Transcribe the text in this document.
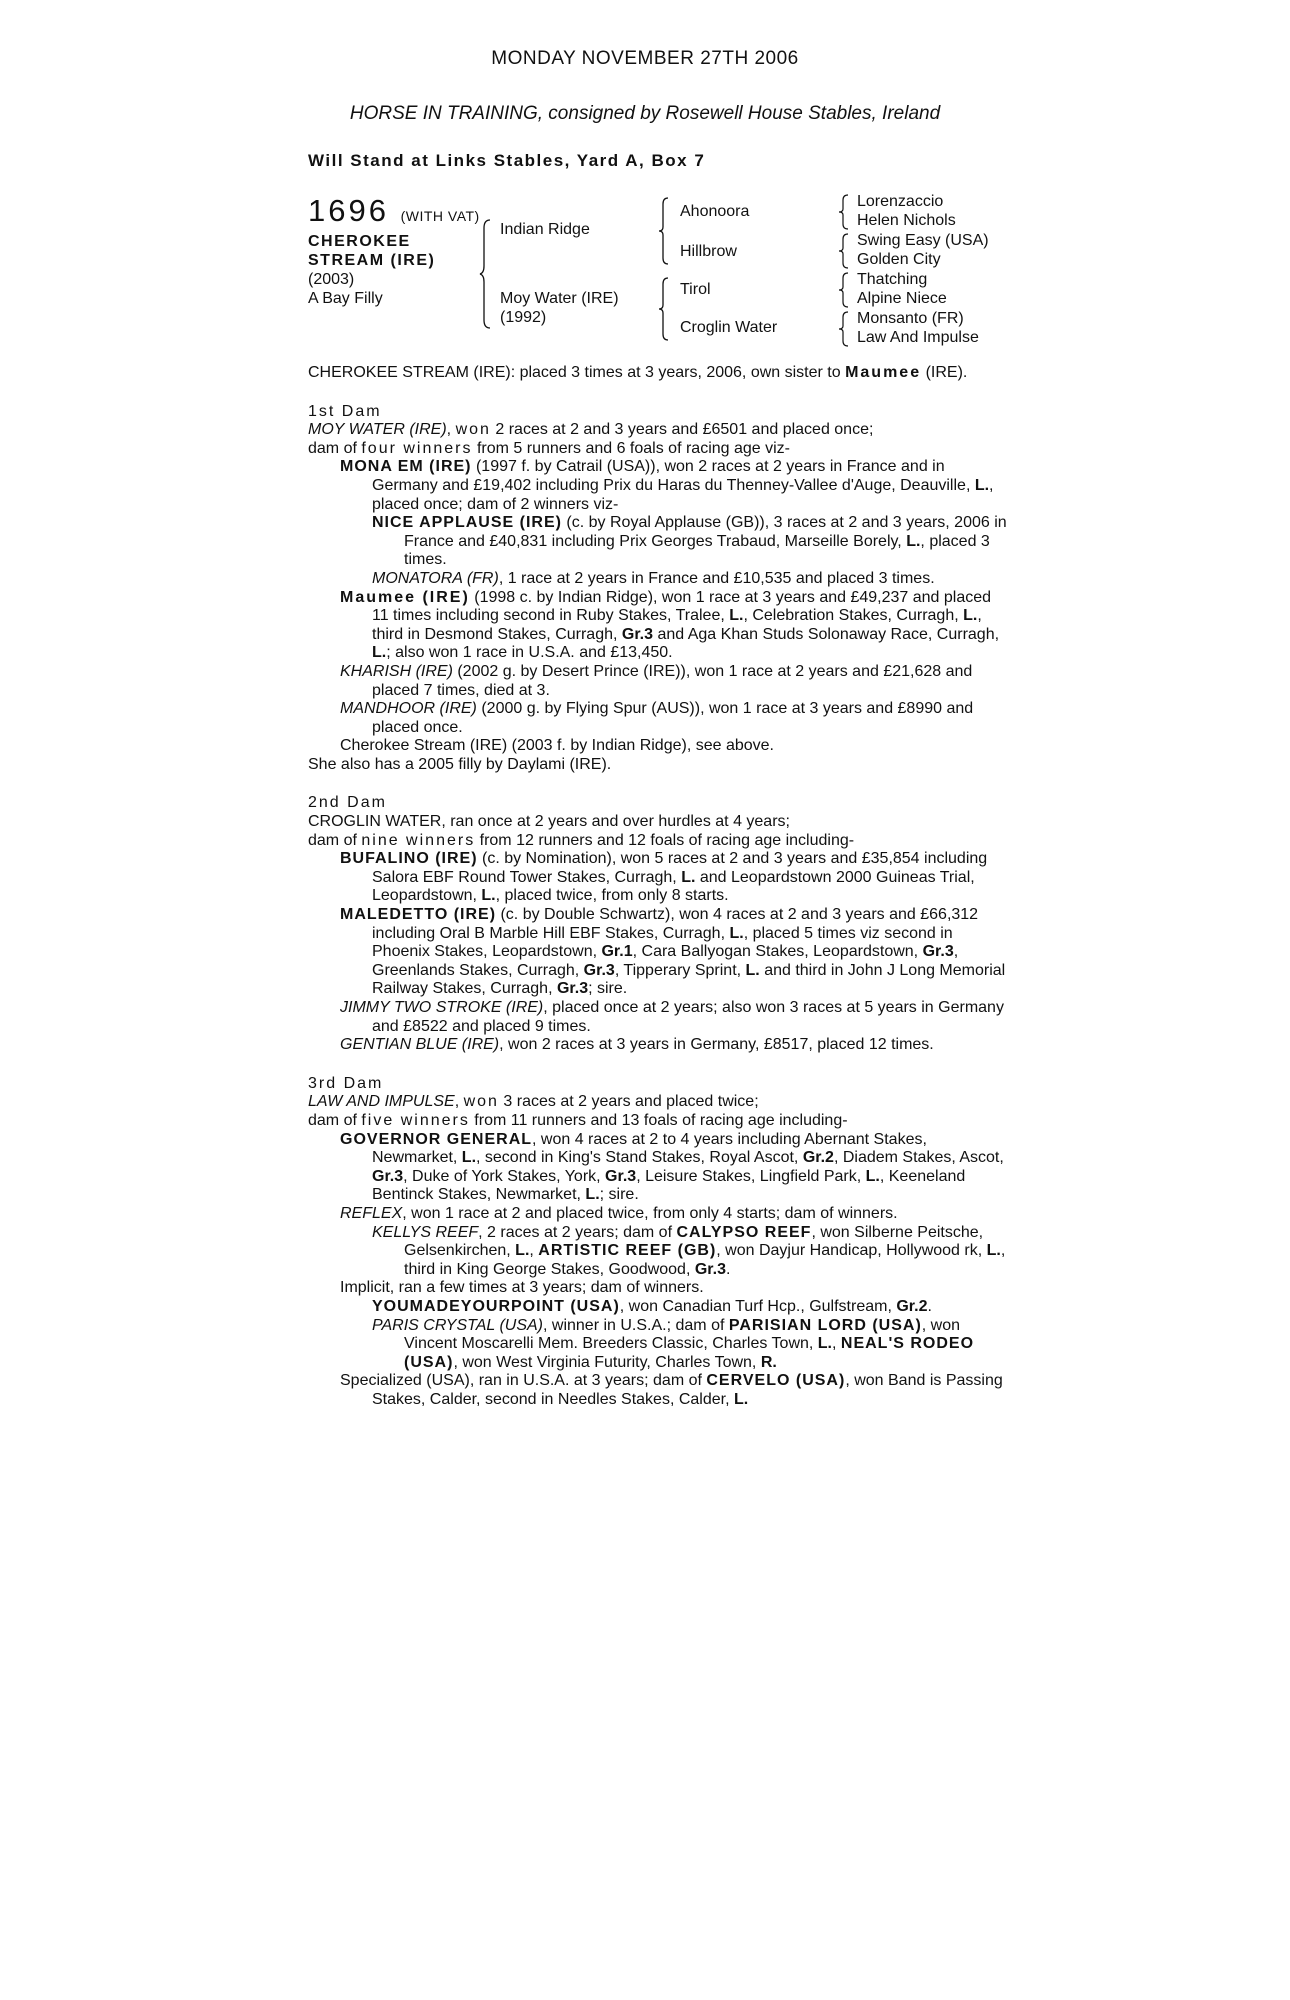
MONDAY NOVEMBER 27TH 2006
HORSE IN TRAINING, consigned by Rosewell House Stables, Ireland
Will Stand at Links Stables, Yard A, Box 7
1696 (WITH VAT)
CHEROKEE
STREAM (IRE)
(2003)
A Bay Filly
Indian Ridge
Moy Water (IRE)
(1992)
Ahonoora
Hillbrow
Tirol
Croglin Water
Lorenzaccio
Helen Nichols
Swing Easy (USA)
Golden City
Thatching
Alpine Niece
Monsanto (FR)
Law And Impulse

CHEROKEE STREAM (IRE): placed 3 times at 3 years, 2006, own sister to Maumee (IRE).

1st Dam

MOY WATER (IRE), won 2 races at 2 and 3 years and £6501 and placed once;

dam of four winners from 5 runners and 6 foals of racing age viz-

MONA EM (IRE) (1997 f. by Catrail (USA)), won 2 races at 2 years in France and in Germany and £19,402 including Prix du Haras du Thenney-Vallee d'Auge, Deauville, L., placed once; dam of 2 winners viz-

NICE APPLAUSE (IRE) (c. by Royal Applause (GB)), 3 races at 2 and 3 years, 2006 in France and £40,831 including Prix Georges Trabaud, Marseille Borely, L., placed 3 times.

MONATORA (FR), 1 race at 2 years in France and £10,535 and placed 3 times.

Maumee (IRE) (1998 c. by Indian Ridge), won 1 race at 3 years and £49,237 and placed 11 times including second in Ruby Stakes, Tralee, L., Celebration Stakes, Curragh, L., third in Desmond Stakes, Curragh, Gr.3 and Aga Khan Studs Solonaway Race, Curragh, L.; also won 1 race in U.S.A. and £13,450.

KHARISH (IRE) (2002 g. by Desert Prince (IRE)), won 1 race at 2 years and £21,628 and placed 7 times, died at 3.

MANDHOOR (IRE) (2000 g. by Flying Spur (AUS)), won 1 race at 3 years and £8990 and placed once.

Cherokee Stream (IRE) (2003 f. by Indian Ridge), see above.

She also has a 2005 filly by Daylami (IRE).

2nd Dam

CROGLIN WATER, ran once at 2 years and over hurdles at 4 years;

dam of nine winners from 12 runners and 12 foals of racing age including-

BUFALINO (IRE) (c. by Nomination), won 5 races at 2 and 3 years and £35,854 including Salora EBF Round Tower Stakes, Curragh, L. and Leopardstown 2000 Guineas Trial, Leopardstown, L., placed twice, from only 8 starts.

MALEDETTO (IRE) (c. by Double Schwartz), won 4 races at 2 and 3 years and £66,312 including Oral B Marble Hill EBF Stakes, Curragh, L., placed 5 times viz second in Phoenix Stakes, Leopardstown, Gr.1, Cara Ballyogan Stakes, Leopardstown, Gr.3, Greenlands Stakes, Curragh, Gr.3, Tipperary Sprint, L. and third in John J Long Memorial Railway Stakes, Curragh, Gr.3; sire.

JIMMY TWO STROKE (IRE), placed once at 2 years; also won 3 races at 5 years in Germany and £8522 and placed 9 times.

GENTIAN BLUE (IRE), won 2 races at 3 years in Germany, £8517, placed 12 times.

3rd Dam

LAW AND IMPULSE, won 3 races at 2 years and placed twice;

dam of five winners from 11 runners and 13 foals of racing age including-

GOVERNOR GENERAL, won 4 races at 2 to 4 years including Abernant Stakes, Newmarket, L., second in King's Stand Stakes, Royal Ascot, Gr.2, Diadem Stakes, Ascot, Gr.3, Duke of York Stakes, York, Gr.3, Leisure Stakes, Lingfield Park, L., Keeneland Bentinck Stakes, Newmarket, L.; sire.

REFLEX, won 1 race at 2 and placed twice, from only 4 starts; dam of winners.

KELLYS REEF, 2 races at 2 years; dam of CALYPSO REEF, won Silberne Peitsche, Gelsenkirchen, L., ARTISTIC REEF (GB), won Dayjur Handicap, Hollywood rk, L., third in King George Stakes, Goodwood, Gr.3.

Implicit, ran a few times at 3 years; dam of winners.

YOUMADEYOURPOINT (USA), won Canadian Turf Hcp., Gulfstream, Gr.2.

PARIS CRYSTAL (USA), winner in U.S.A.; dam of PARISIAN LORD (USA), won Vincent Moscarelli Mem. Breeders Classic, Charles Town, L., NEAL'S RODEO (USA), won West Virginia Futurity, Charles Town, R.

Specialized (USA), ran in U.S.A. at 3 years; dam of CERVELO (USA), won Band is Passing Stakes, Calder, second in Needles Stakes, Calder, L.
